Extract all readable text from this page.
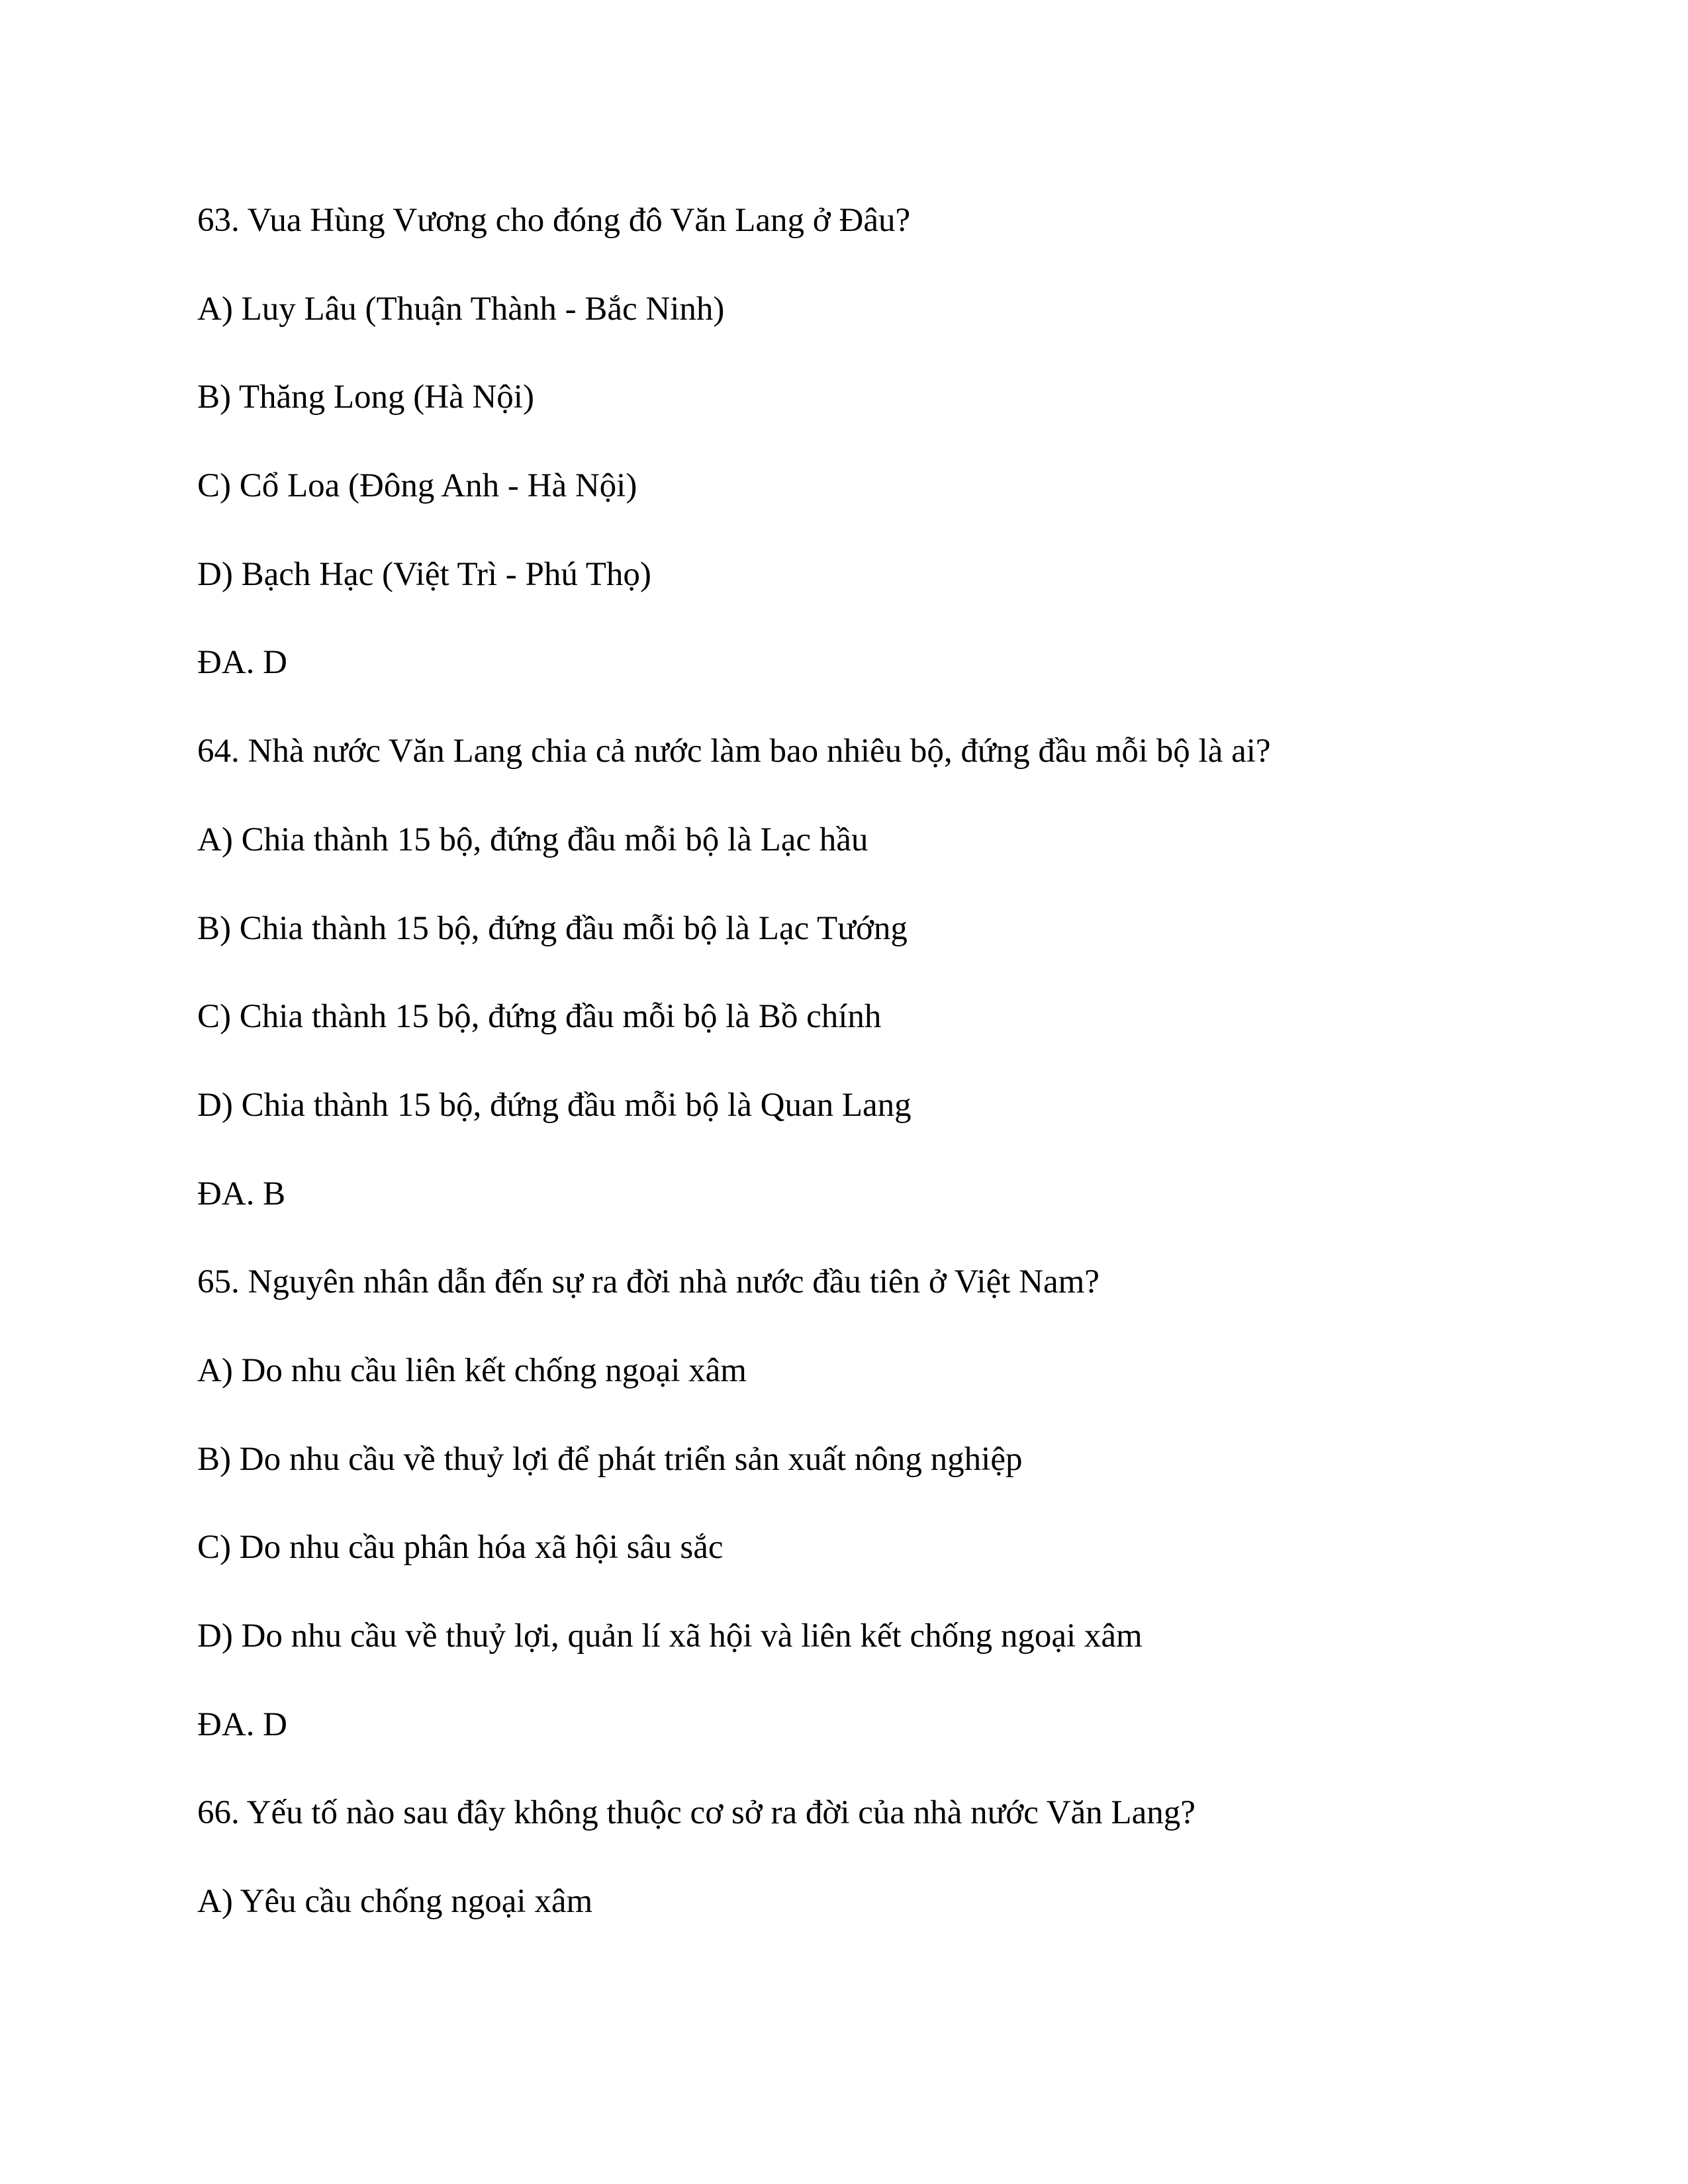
63. Vua Hùng Vương cho đóng đô Văn Lang ở Đâu?
A) Luy Lâu (Thuận Thành - Bắc Ninh)
B) Thăng Long (Hà Nội)
C) Cổ Loa (Đông Anh - Hà Nội)
D) Bạch Hạc (Việt Trì - Phú Thọ)
ĐA. D
64. Nhà nước Văn Lang chia cả nước làm bao nhiêu bộ, đứng đầu mỗi bộ là ai?
A) Chia thành 15 bộ, đứng đầu mỗi bộ là Lạc hầu
B) Chia thành 15 bộ, đứng đầu mỗi bộ là Lạc Tướng
C) Chia thành 15 bộ, đứng đầu mỗi bộ là Bồ chính
D) Chia thành 15 bộ, đứng đầu mỗi bộ là Quan Lang
ĐA. B
65. Nguyên nhân dẫn đến sự ra đời nhà nước đầu tiên ở Việt Nam?
A) Do nhu cầu liên kết chống ngoại xâm
B) Do nhu cầu về thuỷ lợi để phát triển sản xuất nông nghiệp
C) Do nhu cầu phân hóa xã hội sâu sắc
D) Do nhu cầu về thuỷ lợi, quản lí xã hội và liên kết chống ngoại xâm
ĐA. D
66. Yếu tố nào sau đây không thuộc cơ sở ra đời của nhà nước Văn Lang?
A) Yêu cầu chống ngoại xâm
